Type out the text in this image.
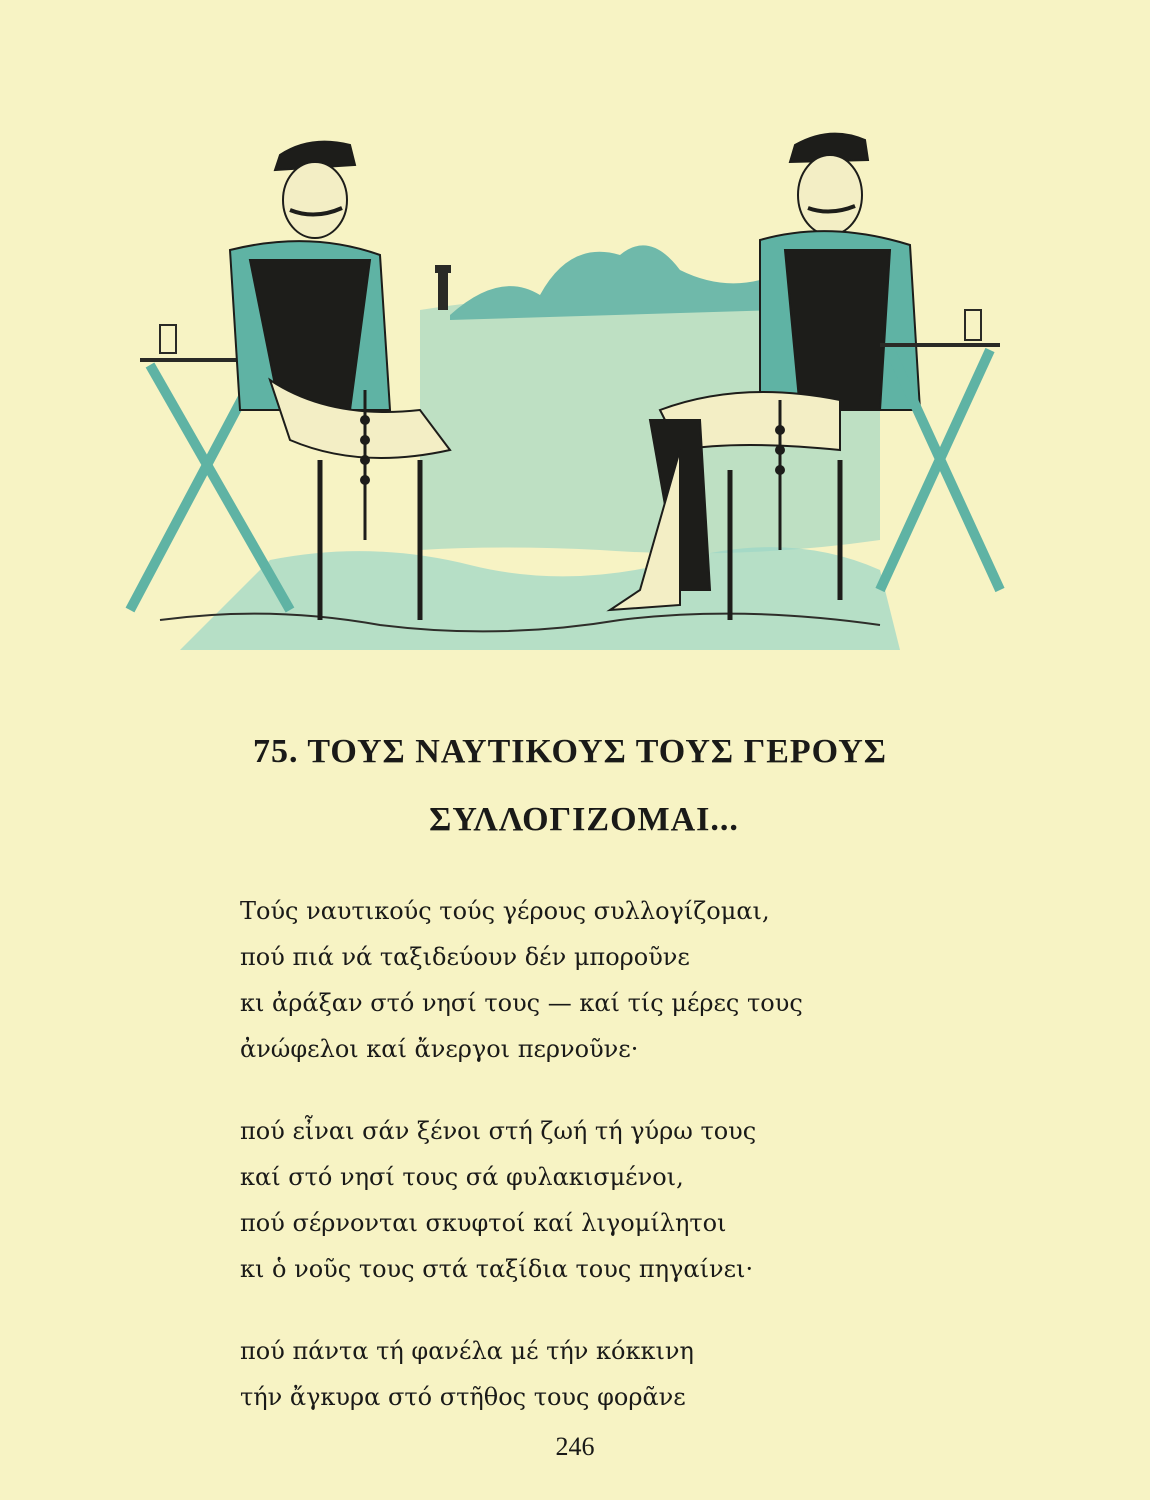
75. ΤΟΥΣ ΝΑΥΤΙΚΟΥΣ ΤΟΥΣ ΓΕΡΟΥΣ
ΣΥΛΛΟΓΙΖΟΜΑΙ...
Τούς ναυτικούς τούς γέρους συλλογίζομαι,
πού πιά νά ταξιδεύουν δέν μποροῦνε
κι ἀράξαν στό νησί τους — καί τίς μέρες τους
ἀνώφελοι καί ἄνεργοι περνοῦνε·
πού εἶναι σάν ξένοι στή ζωή τή γύρω τους
καί στό νησί τους σά φυλακισμένοι,
πού σέρνονται σκυφτοί καί λιγομίλητοι
κι ὁ νοῦς τους στά ταξίδια τους πηγαίνει·
πού πάντα τή φανέλα μέ τήν κόκκινη
τήν ἄγκυρα στό στῆθος τους φορᾶνε
246
